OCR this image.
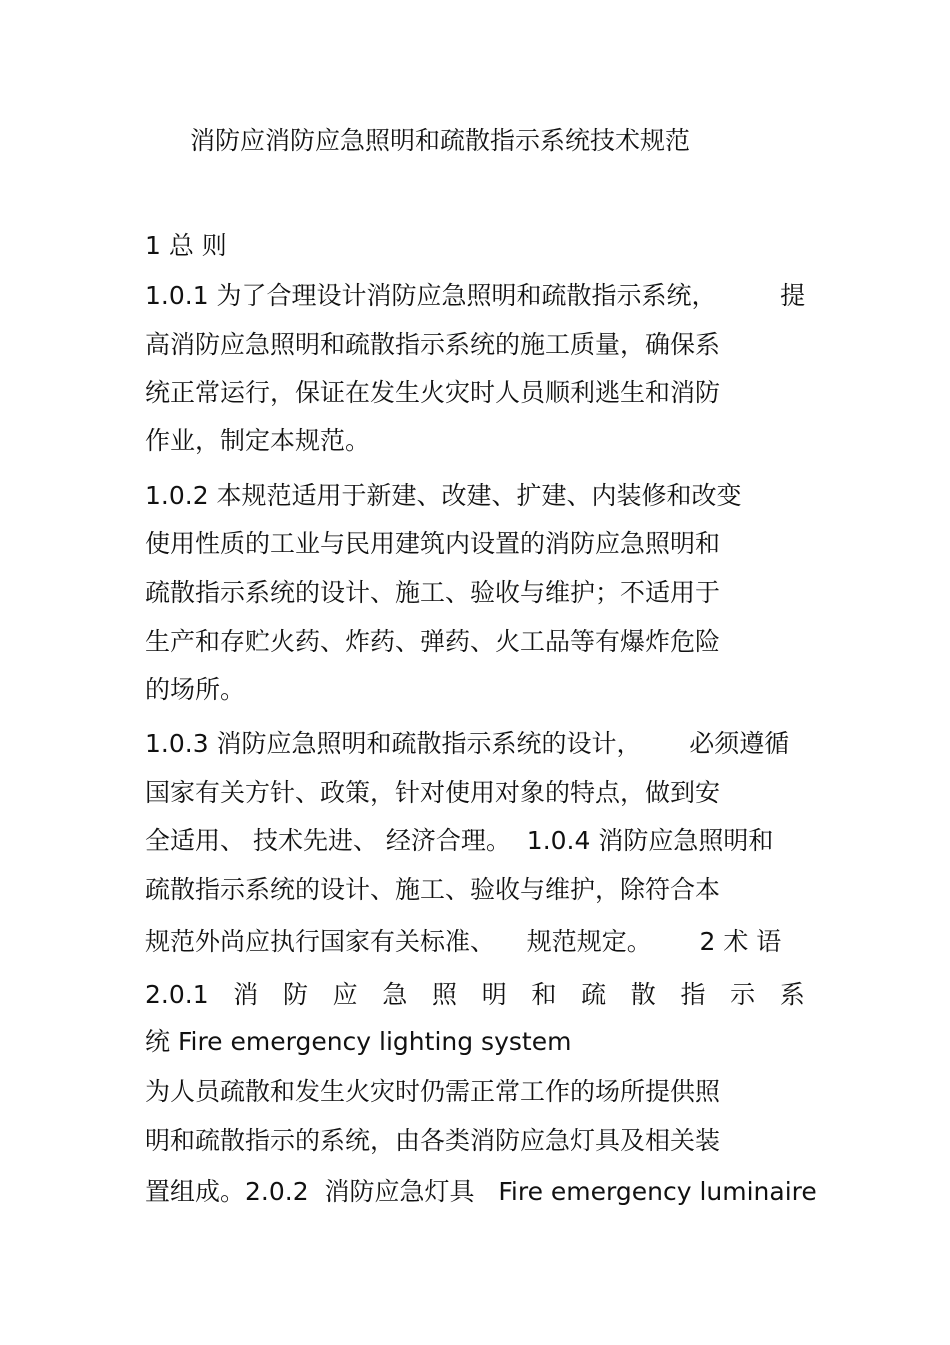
消防应消防应急照明和疏散指示系统技术规范
1 总 则
1.0.1 为了合理设计消防应急照明和疏散指示系统，        提
高消防应急照明和疏散指示系统的施工质量，确保系
统正常运行，保证在发生火灾时人员顺利逃生和消防
作业，制定本规范。
1.0.2 本规范适用于新建、改建、扩建、内装修和改变
使用性质的工业与民用建筑内设置的消防应急照明和
疏散指示系统的设计、施工、验收与维护；不适用于
生产和存贮火药、炸药、弹药、火工品等有爆炸危险
的场所。
1.0.3 消防应急照明和疏散指示系统的设计，      必须遵循
国家有关方针、政策，针对使用对象的特点，做到安
全适用、 技术先进、 经济合理。  1.0.4 消防应急照明和
疏散指示系统的设计、施工、验收与维护，除符合本
规范外尚应执行国家有关标准、    规范规定。      2 术 语
2.0.1 消 防 应 急 照 明 和 疏 散 指 示 系
统 Fire emergency lighting system
为人员疏散和发生火灾时仍需正常工作的场所提供照
明和疏散指示的系统，由各类消防应急灯具及相关装
置组成。2.0.2  消防应急灯具   Fire emergency luminaire
